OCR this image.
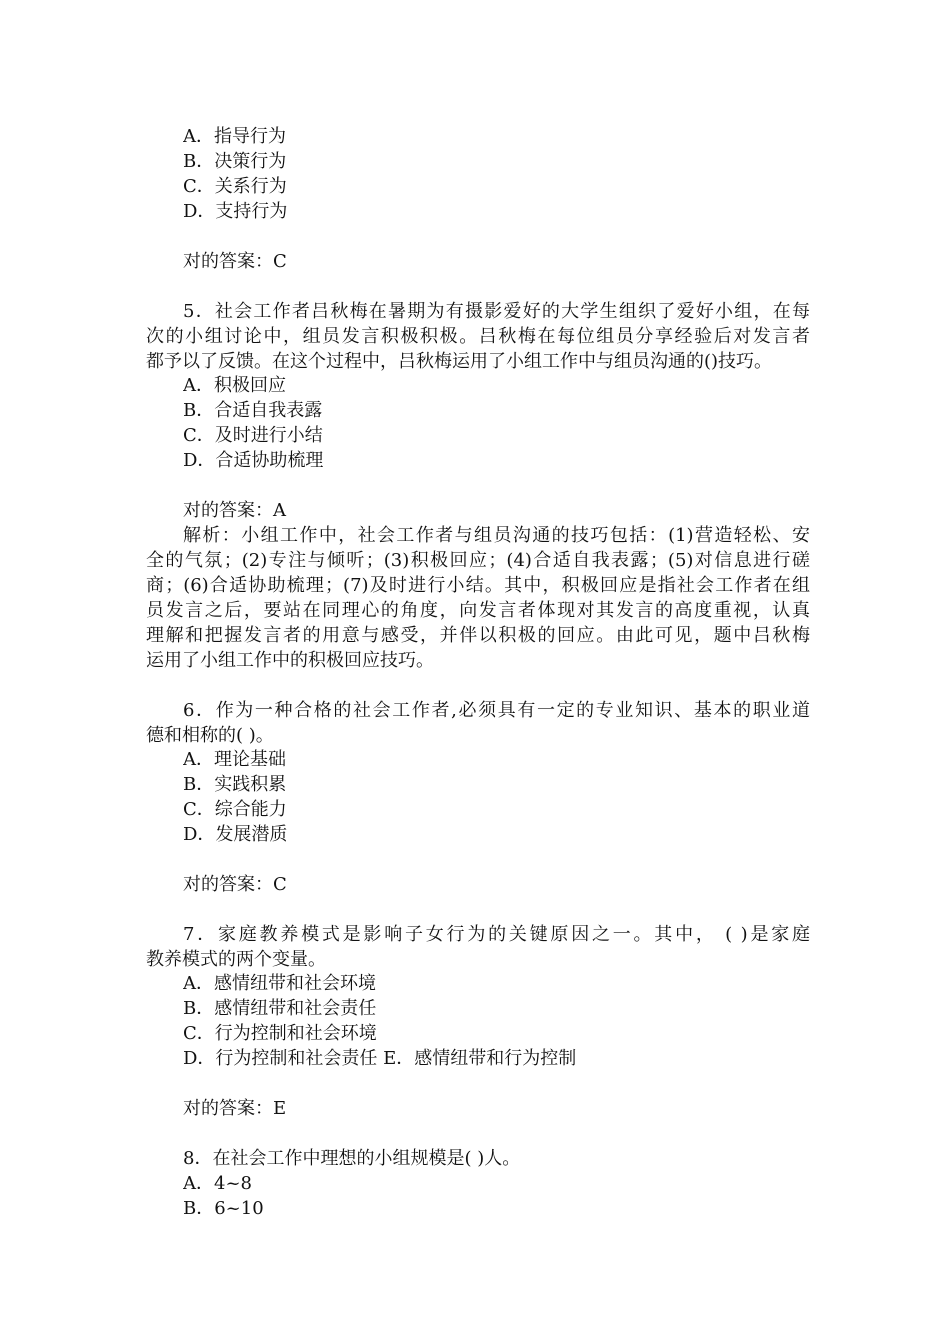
A．指导行为
B．决策行为
C．关系行为
D．支持行为
对的答案：C
5．社会工作者吕秋梅在暑期为有摄影爱好的大学生组织了爱好小组，在每
次的小组讨论中，组员发言积极积极。吕秋梅在每位组员分享经验后对发言者
都予以了反馈。在这个过程中，吕秋梅运用了小组工作中与组员沟通的()技巧。
A．积极回应
B．合适自我表露
C．及时进行小结
D．合适协助梳理
对的答案：A
解析：小组工作中，社会工作者与组员沟通的技巧包括：(1)营造轻松、安
全的气氛；(2)专注与倾听；(3)积极回应；(4)合适自我表露；(5)对信息进行磋
商；(6)合适协助梳理；(7)及时进行小结。其中，积极回应是指社会工作者在组
员发言之后，要站在同理心的角度，向发言者体现对其发言的高度重视，认真
理解和把握发言者的用意与感受，并伴以积极的回应。由此可见，题中吕秋梅
运用了小组工作中的积极回应技巧。
6．作为一种合格的社会工作者,必须具有一定的专业知识、基本的职业道
德和相称的( )。
A．理论基础
B．实践积累
C．综合能力
D．发展潜质
对的答案：C
7．家庭教养模式是影响子女行为的关键原因之一。其中， ( )是家庭
教养模式的两个变量。
A．感情纽带和社会环境
B．感情纽带和社会责任
C．行为控制和社会环境
D．行为控制和社会责任 E．感情纽带和行为控制
对的答案：E
8．在社会工作中理想的小组规模是( )人。
A．4~8
B．6~10
